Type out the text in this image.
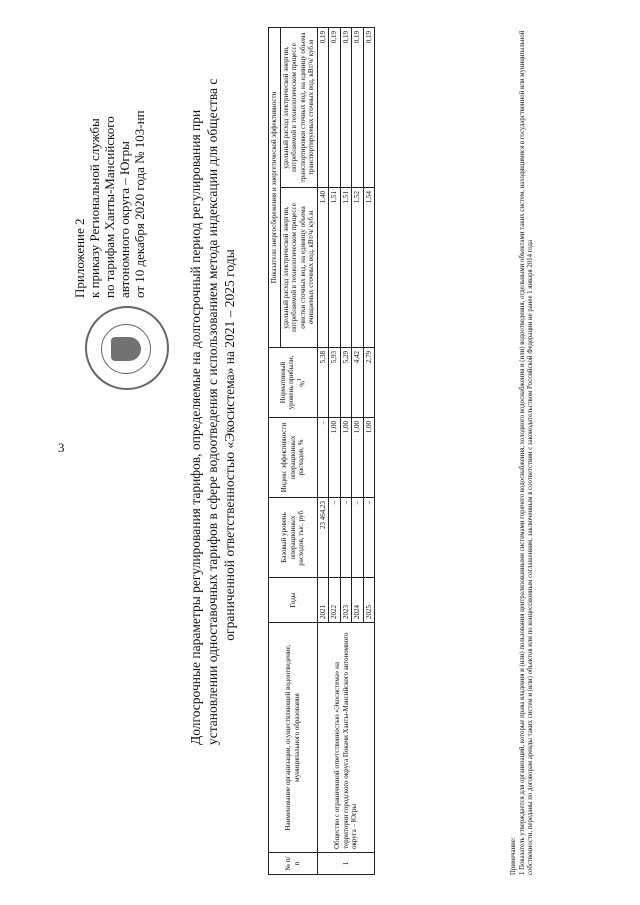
3
Приложение 2 к приказу Региональной службы по тарифам Ханты-Мансийского автономного округа – Югры от 10 декабря 2020 года № 103-нп	Долгосрочные параметры регулирования тарифов, определяемые на долгосрочный период регулирования при установлении одноставочных тарифов в сфере водоотведения с использованием метода индексации для общества с ограниченной ответственностью «Экосистема» на 2021 – 2025 годы
№ п/п	Наименование организации, осуществляющей водоотведение, муниципального образования	Годы	Базовый уровень операционных расходов, тыс. руб.	Индекс эффективности операционных расходов, %	Нормативный уровень прибыли, %$^1$	Показатели энергосбережения и энергетической эффективности	
						удельный расход электрической энергии, потребляемой в технологическом процессе очистки сточных вод, на единицу объема очищаемых сточных вод, кВт/ч/ куб.м	удельный расход электрической энергии, потребляемой в технологическом процессе транспортировки сточных вод, на единицу объема транспортируемых сточных вод, кВт/ч/ куб.м
1	Общество с ограниченной ответственностью «Экосистема» на территории городского округа Покачи Ханты-Мансийского автономного округа – Югры	2021	23 464,23	–	5,38	1,40	0,19
		2022	–	1,00	5,93	1,51	0,19
		2023	–	1,00	5,29	1,51	0,19
		2024	–	1,00	4,42	1,52	0,19
		2025	–	1,00	2,79	1,54	0,19
Примечание: 1 Показатель утверждается для организаций, которые права владения и (или) пользования централизованными системами горячего водоснабжения, холодного водоснабжения и (или) водоотведения, отдельными объектами таких систем, находящимися в государственной или муниципальной собственности, переданы по договорам аренды таких систем и (или) объектов или по концессионным соглашениям, заключенным в соответствии с законодательством Российской Федерации не ранее 1 января 2014 года
